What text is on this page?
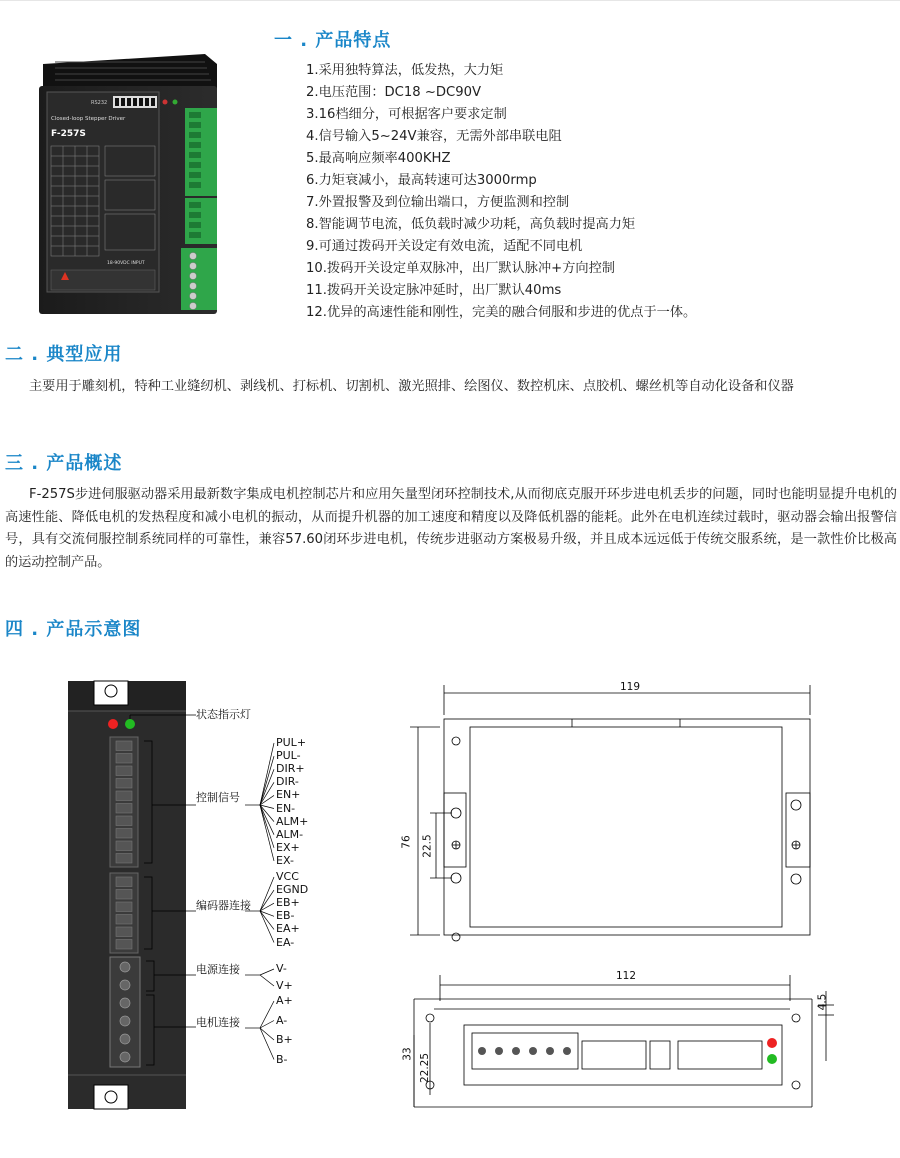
RS232
Closed-loop Stepper Driver
F-257S
18-90VDC INPUT
一 . 产品特点
1.采用独特算法，低发热，大力矩
2.电压范围：DC18 ~DC90V
3.16档细分，可根据客户要求定制
4.信号输入5~24V兼容，无需外部串联电阻
5.最高响应频率400KHZ
6.力矩衰减小，最高转速可达3000rmp
7.外置报警及到位输出端口，方便监测和控制
8.智能调节电流，低负载时减少功耗，高负载时提高力矩
9.可通过拨码开关设定有效电流，适配不同电机
10.拨码开关设定单双脉冲，出厂默认脉冲+方向控制
11.拨码开关设定脉冲延时，出厂默认40ms
12.优异的高速性能和刚性，完美的融合伺服和步进的优点于一体。
二 . 典型应用
主要用于雕刻机，特种工业缝纫机、剥线机、打标机、切割机、激光照排、绘图仪、数控机床、点胶机、螺丝机等自动化设备和仪器
三 . 产品概述
F-257S步进伺服驱动器采用最新数字集成电机控制芯片和应用矢量型闭环控制技术,从而彻底克服开环步进电机丢步的问题，同时也能明显提升电机的高速性能、降低电机的发热程度和减小电机的振动，从而提升机器的加工速度和精度以及降低机器的能耗。此外在电机连续过载时，驱动器会输出报警信号，具有交流伺服控制系统同样的可靠性，兼容57.60闭环步进电机，传统步进驱动方案极易升级，并且成本远远低于传统交服系统，是一款性价比极高的运动控制产品。
四 . 产品示意图
状态指示灯
控制信号
编码器连接
电源连接
电机连接
PUL+
PUL-
DIR+
DIR-
EN+
EN-
ALM+
ALM-
EX+
EX-
VCC
EGND
EB+
EB-
EA+
EA-
V-
V+
A+
A-
B+
B-
119
76 22.5
112
33 22.25
4.5
